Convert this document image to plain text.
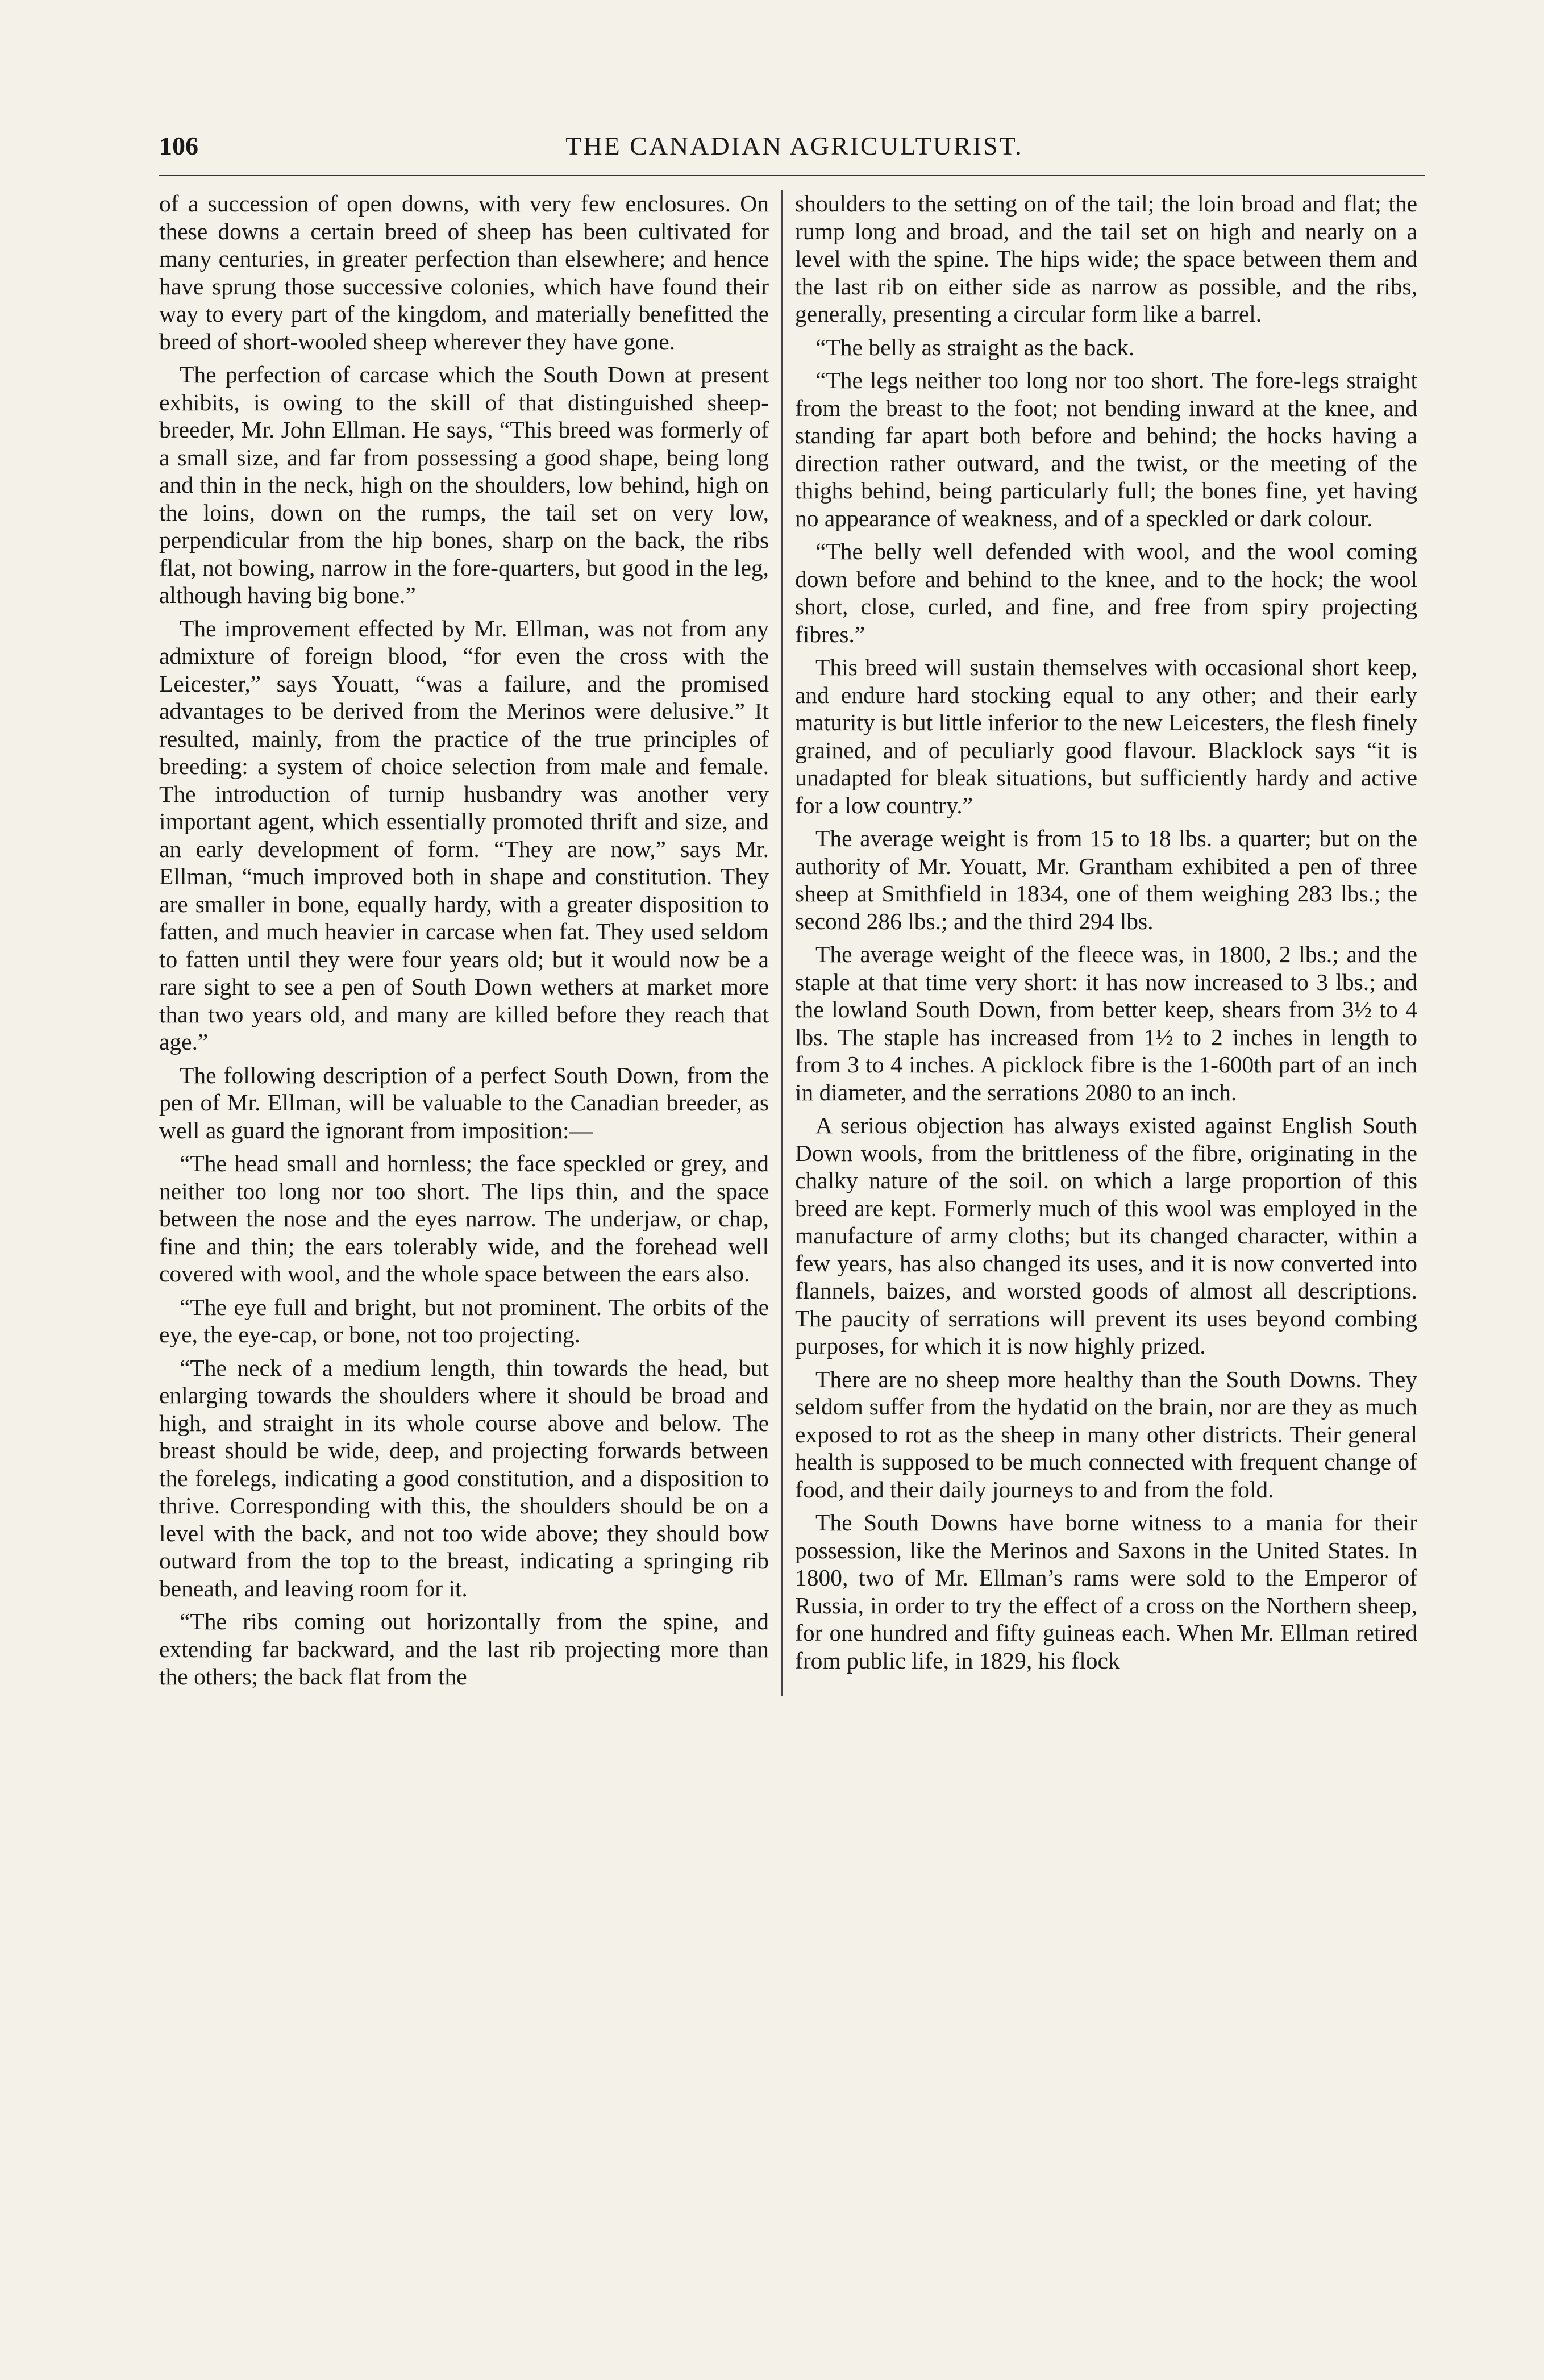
106	THE CANADIAN AGRICULTURIST.

of a succession of open downs, with very few enclosures. On these downs a certain breed of sheep has been cultivated for many centuries, in greater perfection than elsewhere; and hence have sprung those successive colonies, which have found their way to every part of the kingdom, and materially benefitted the breed of short-wooled sheep wherever they have gone.

The perfection of carcase which the South Down at present exhibits, is owing to the skill of that distinguished sheep-breeder, Mr. John Ellman. He says, “This breed was formerly of a small size, and far from possessing a good shape, being long and thin in the neck, high on the shoulders, low behind, high on the loins, down on the rumps, the tail set on very low, perpendicular from the hip bones, sharp on the back, the ribs flat, not bowing, narrow in the fore-quarters, but good in the leg, although having big bone.”

The improvement effected by Mr. Ellman, was not from any admixture of foreign blood, “for even the cross with the Leicester,” says Youatt, “was a failure, and the promised advantages to be derived from the Merinos were delusive.” It resulted, mainly, from the practice of the true principles of breeding: a system of choice selection from male and female. The introduction of turnip husbandry was another very important agent, which essentially promoted thrift and size, and an early development of form. “They are now,” says Mr. Ellman, “much improved both in shape and constitution. They are smaller in bone, equally hardy, with a greater disposition to fatten, and much heavier in carcase when fat. They used seldom to fatten until they were four years old; but it would now be a rare sight to see a pen of South Down wethers at market more than two years old, and many are killed before they reach that age.”

The following description of a perfect South Down, from the pen of Mr. Ellman, will be valuable to the Canadian breeder, as well as guard the ignorant from imposition:—

“The head small and hornless; the face speckled or grey, and neither too long nor too short. The lips thin, and the space between the nose and the eyes narrow. The underjaw, or chap, fine and thin; the ears tolerably wide, and the forehead well covered with wool, and the whole space between the ears also.

“The eye full and bright, but not prominent. The orbits of the eye, the eye-cap, or bone, not too projecting.

“The neck of a medium length, thin towards the head, but enlarging towards the shoulders where it should be broad and high, and straight in its whole course above and below. The breast should be wide, deep, and projecting forwards between the forelegs, indicating a good constitution, and a disposition to thrive. Corresponding with this, the shoulders should be on a level with the back, and not too wide above; they should bow outward from the top to the breast, indicating a springing rib beneath, and leaving room for it.

“The ribs coming out horizontally from the spine, and extending far backward, and the last rib projecting more than the others; the back flat from the

shoulders to the setting on of the tail; the loin broad and flat; the rump long and broad, and the tail set on high and nearly on a level with the spine. The hips wide; the space between them and the last rib on either side as narrow as possible, and the ribs, generally, presenting a circular form like a barrel.

“The belly as straight as the back.

“The legs neither too long nor too short. The fore-legs straight from the breast to the foot; not bending inward at the knee, and standing far apart both before and behind; the hocks having a direction rather outward, and the twist, or the meeting of the thighs behind, being particularly full; the bones fine, yet having no appearance of weakness, and of a speckled or dark colour.

“The belly well defended with wool, and the wool coming down before and behind to the knee, and to the hock; the wool short, close, curled, and fine, and free from spiry projecting fibres.”

This breed will sustain themselves with occasional short keep, and endure hard stocking equal to any other; and their early maturity is but little inferior to the new Leicesters, the flesh finely grained, and of peculiarly good flavour. Blacklock says “it is unadapted for bleak situations, but sufficiently hardy and active for a low country.”

The average weight is from 15 to 18 lbs. a quarter; but on the authority of Mr. Youatt, Mr. Grantham exhibited a pen of three sheep at Smithfield in 1834, one of them weighing 283 lbs.; the second 286 lbs.; and the third 294 lbs.

The average weight of the fleece was, in 1800, 2 lbs.; and the staple at that time very short: it has now increased to 3 lbs.; and the lowland South Down, from better keep, shears from 3½ to 4 lbs. The staple has increased from 1½ to 2 inches in length to from 3 to 4 inches. A picklock fibre is the 1-600th part of an inch in diameter, and the serrations 2080 to an inch.

A serious objection has always existed against English South Down wools, from the brittleness of the fibre, originating in the chalky nature of the soil. on which a large proportion of this breed are kept. Formerly much of this wool was employed in the manufacture of army cloths; but its changed character, within a few years, has also changed its uses, and it is now converted into flannels, baizes, and worsted goods of almost all descriptions. The paucity of serrations will prevent its uses beyond combing purposes, for which it is now highly prized.

There are no sheep more healthy than the South Downs. They seldom suffer from the hydatid on the brain, nor are they as much exposed to rot as the sheep in many other districts. Their general health is supposed to be much connected with frequent change of food, and their daily journeys to and from the fold.

The South Downs have borne witness to a mania for their possession, like the Merinos and Saxons in the United States. In 1800, two of Mr. Ellman’s rams were sold to the Emperor of Russia, in order to try the effect of a cross on the Northern sheep, for one hundred and fifty guineas each. When Mr. Ellman retired from public life, in 1829, his flock
